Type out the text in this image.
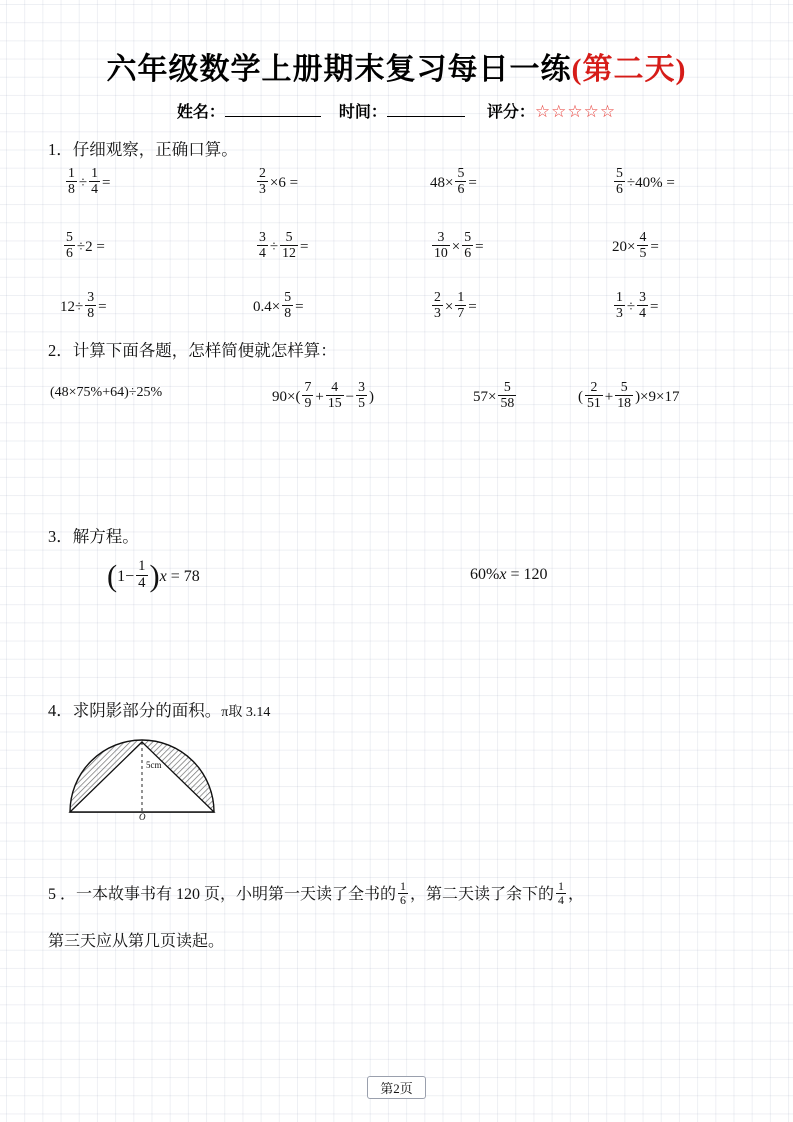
六年级数学上册期末复习每日一练(第二天)
姓名：	时间：	评分：☆☆☆☆☆
1．仔细观察，正确口算。
$\frac{1}{8} \div \frac{1}{4}$ =	$\frac{2}{3} \times 6$ =	$48\times \frac{5}{6}$ =	$\frac{5}{6} \div 40\%$ =
$\frac{5}{6} \div 2$ =	$\frac{3}{4} \div \frac{5}{12}$ =	$\frac{3}{10} \times \frac{5}{6}$ =	$20\times \frac{4}{5}$ =
$12\div \frac{3}{8}$ =	$0.4\times \frac{5}{8}$ =	$\frac{2}{3} \times \frac{1}{7}$ =	$\frac{1}{3} \div \frac{3}{4}$ =
2．计算下面各题，怎样简便就怎样算：
(48×75%+64)÷25%	$90\times( \frac{7}{9} + \frac{4}{15} - \frac{3}{5}$ )	$57\times \frac{5}{58}$	( $\frac{2}{51} + \frac{5}{18} )\times 9\times 17$
3．解方程。
$(1- \frac{1}{4} )x = 78$	60%x = 120
4．求阴影部分的面积。π取 3.14
5cm
O
5 ．一本故事书有 120 页，小明第一天读了全书的 $\frac{1}{6}$ ，第二天读了余下的 $\frac{1}{4}$ ，
第三天应从第几页读起。
第2页
